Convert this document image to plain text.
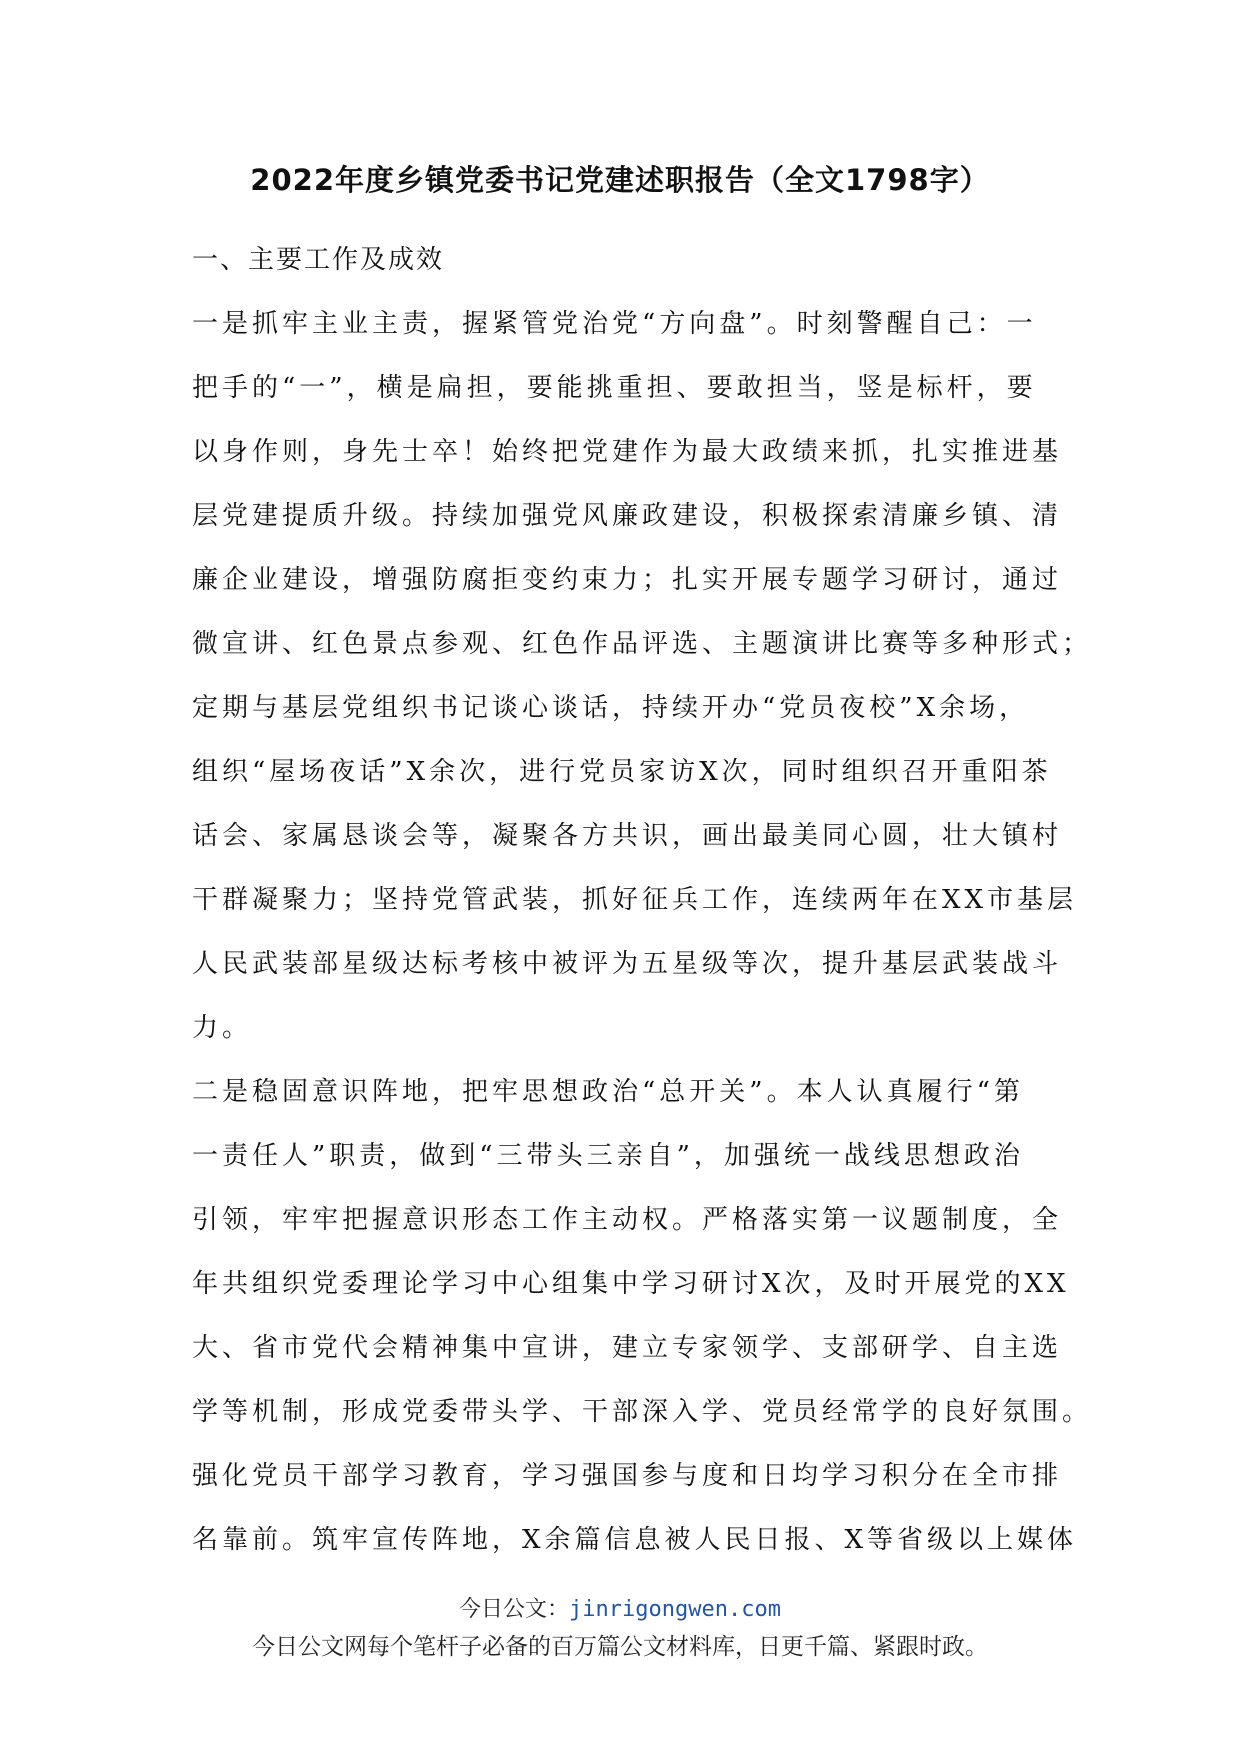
2022年度乡镇党委书记党建述职报告（全文1798字）

一、主要工作及成效

一是抓牢主业主责，握紧管党治党“方向盘”。时刻警醒自己：一
把手的“一”，横是扁担，要能挑重担、要敢担当，竖是标杆，要
以身作则，身先士卒！始终把党建作为最大政绩来抓，扎实推进基
层党建提质升级。持续加强党风廉政建设，积极探索清廉乡镇、清
廉企业建设，增强防腐拒变约束力；扎实开展专题学习研讨，通过
微宣讲、红色景点参观、红色作品评选、主题演讲比赛等多种形式；
定期与基层党组织书记谈心谈话，持续开办“党员夜校”X余场，
组织“屋场夜话”X余次，进行党员家访X次，同时组织召开重阳茶
话会、家属恳谈会等，凝聚各方共识，画出最美同心圆，壮大镇村
干群凝聚力；坚持党管武装，抓好征兵工作，连续两年在XX市基层
人民武装部星级达标考核中被评为五星级等次，提升基层武装战斗
力。

二是稳固意识阵地，把牢思想政治“总开关”。本人认真履行“第
一责任人”职责，做到“三带头三亲自”，加强统一战线思想政治
引领，牢牢把握意识形态工作主动权。严格落实第一议题制度，全
年共组织党委理论学习中心组集中学习研讨X次，及时开展党的XX
大、省市党代会精神集中宣讲，建立专家领学、支部研学、自主选
学等机制，形成党委带头学、干部深入学、党员经常学的良好氛围。
强化党员干部学习教育，学习强国参与度和日均学习积分在全市排
名靠前。筑牢宣传阵地，X余篇信息被人民日报、X等省级以上媒体

今日公文：jinrigongwen.com
今日公文网每个笔杆子必备的百万篇公文材料库，日更千篇、紧跟时政。
